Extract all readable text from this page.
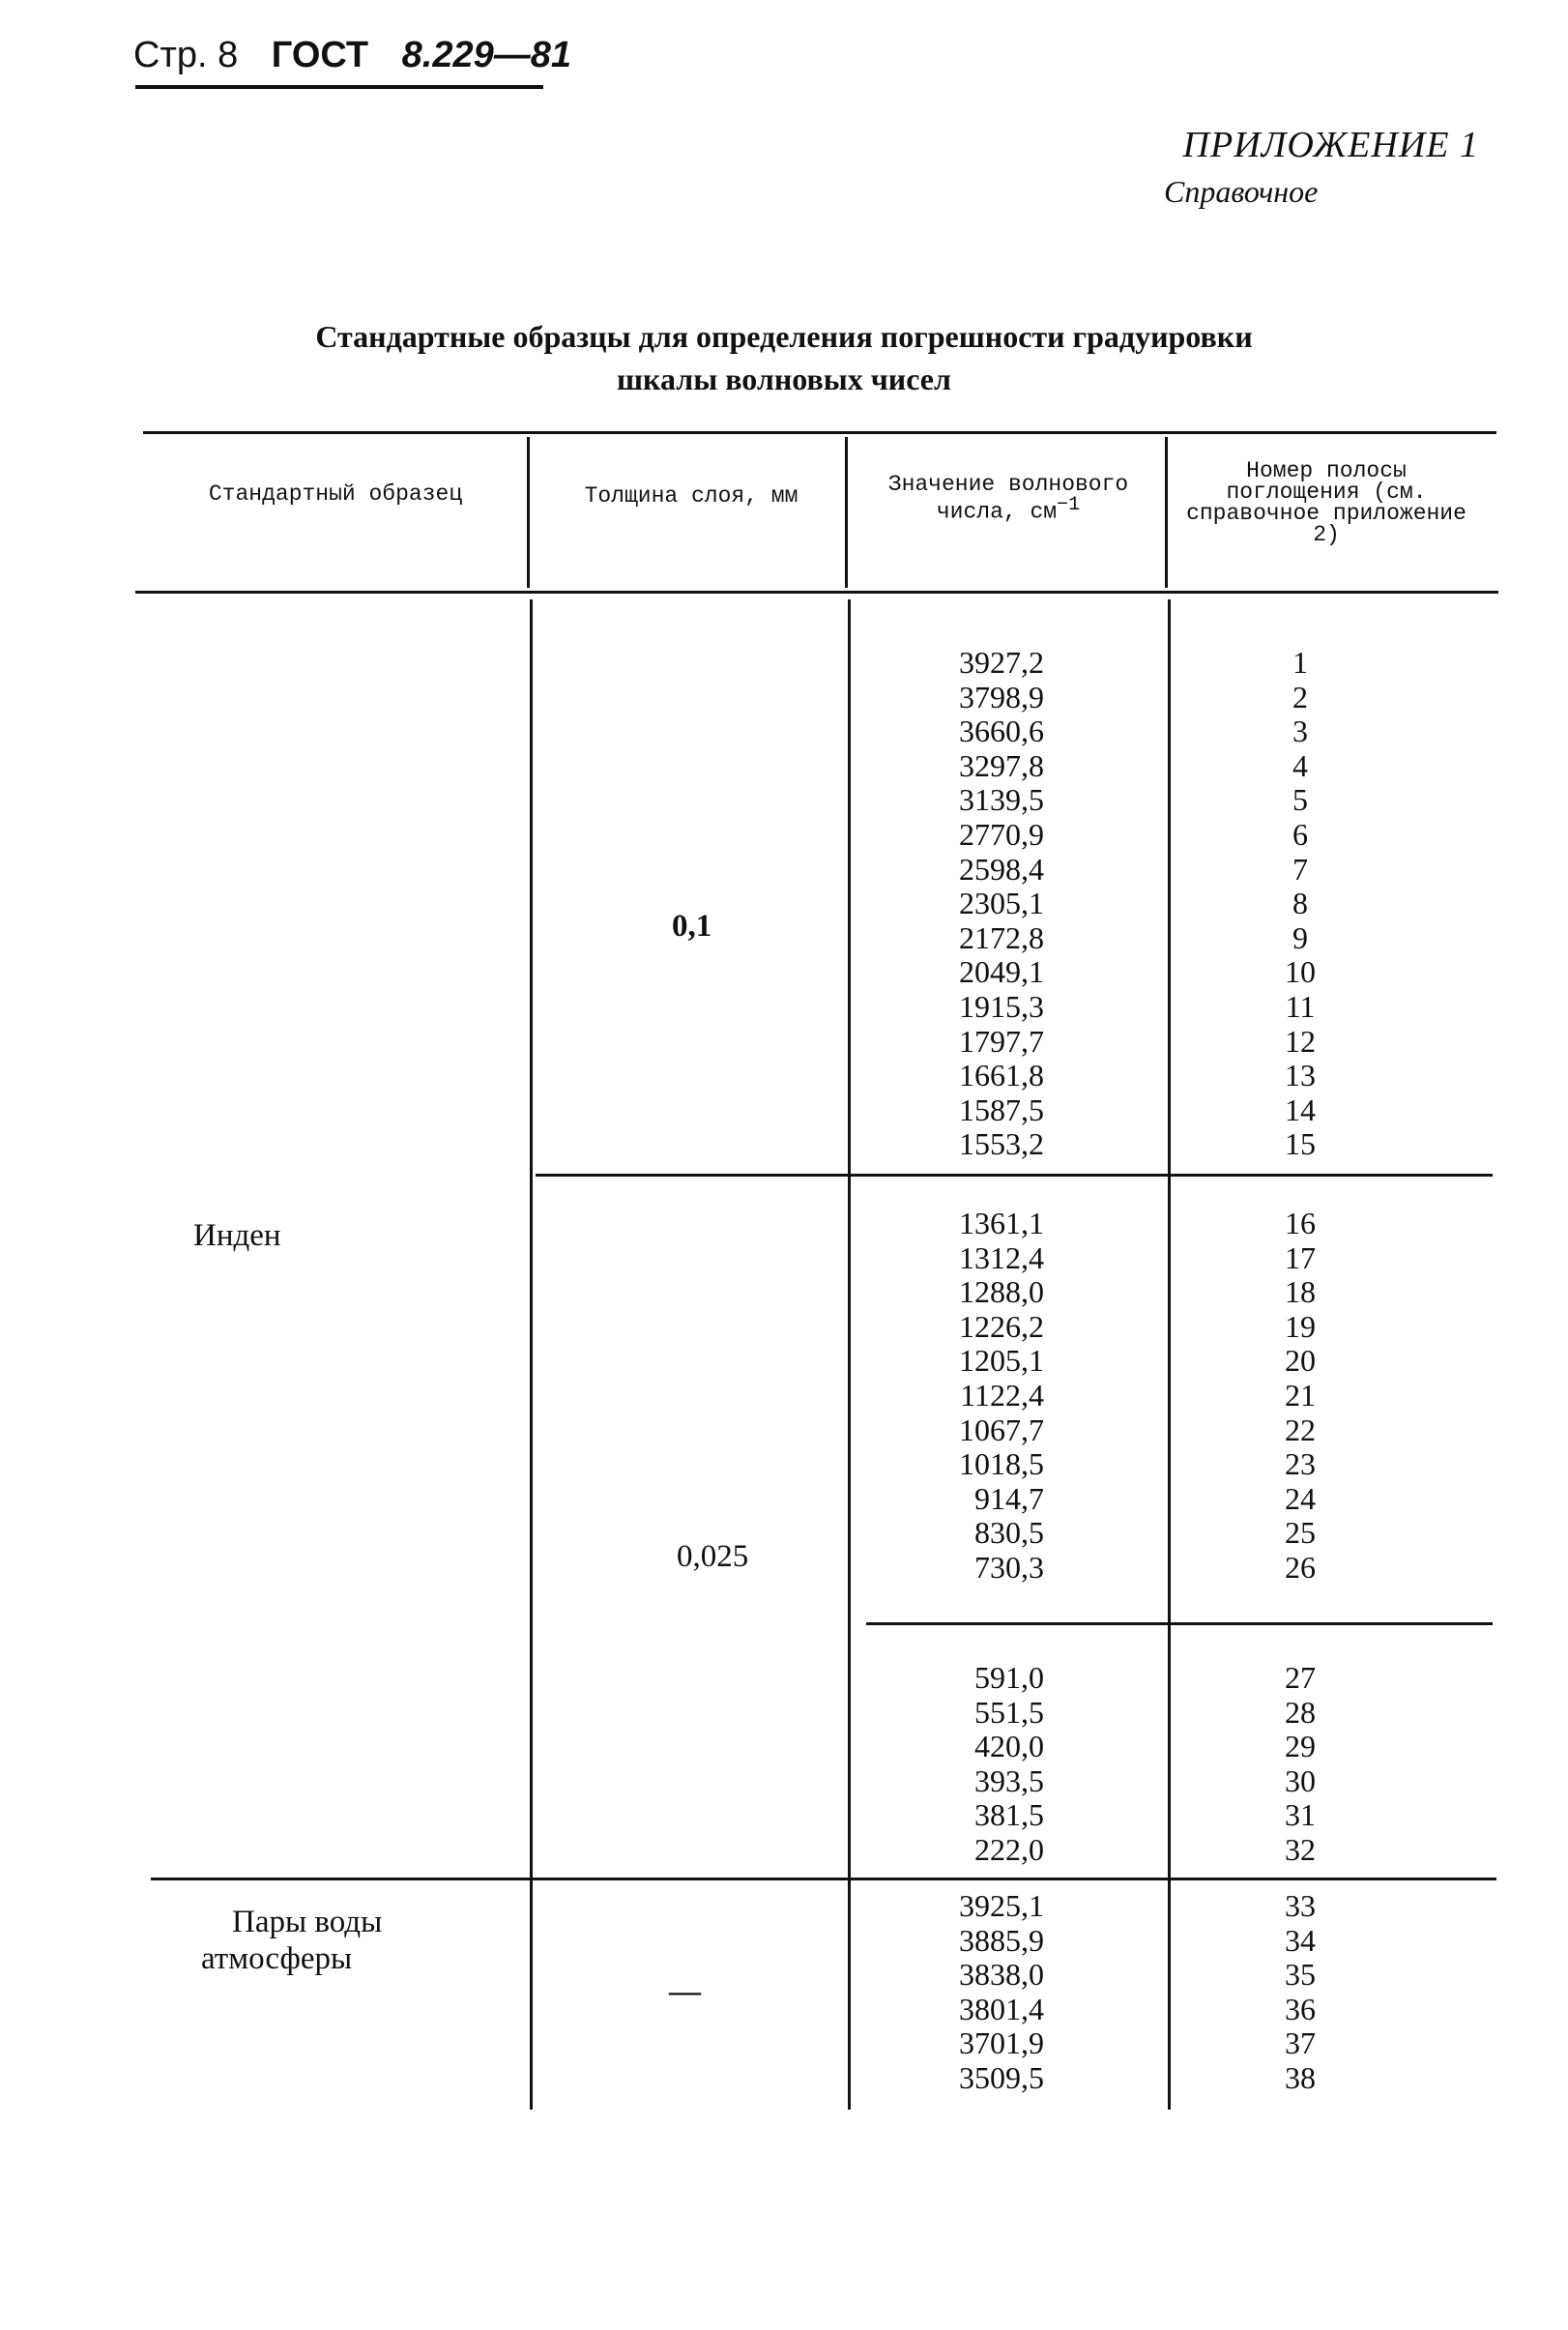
Стр. 8 ГОСТ 8.229—81
ПРИЛОЖЕНИЕ 1
Справочное
Стандартные образцы для определения погрешности градуировки
шкалы волновых чисел
Стандартный образец	Толщина слоя, мм	Значение волнового числа, $см^{-1}$
Номер полосы поглощения (см. справочное приложение 2)
Инден
Пары воды
атмосферы
0,1
0,025
—
3927,2
3798,9
3660,6
3297,8
3139,5
2770,9
2598,4
2305,1
2172,8
2049,1
1915,3
1797,7
1661,8
1587,5
1553,2
1
2
3
4
5
6
7
8
9
10
11
12
13
14
15
1361,1
1312,4
1288,0
1226,2
1205,1
1122,4
1067,7
1018,5
914,7
830,5
730,3
16
17
18
19
20
21
22
23
24
25
26
591,0
551,5
420,0
393,5
381,5
222,0
27
28
29
30
31
32
3925,1
3885,9
3838,0
3801,4
3701,9
3509,5
33
34
35
36
37
38
